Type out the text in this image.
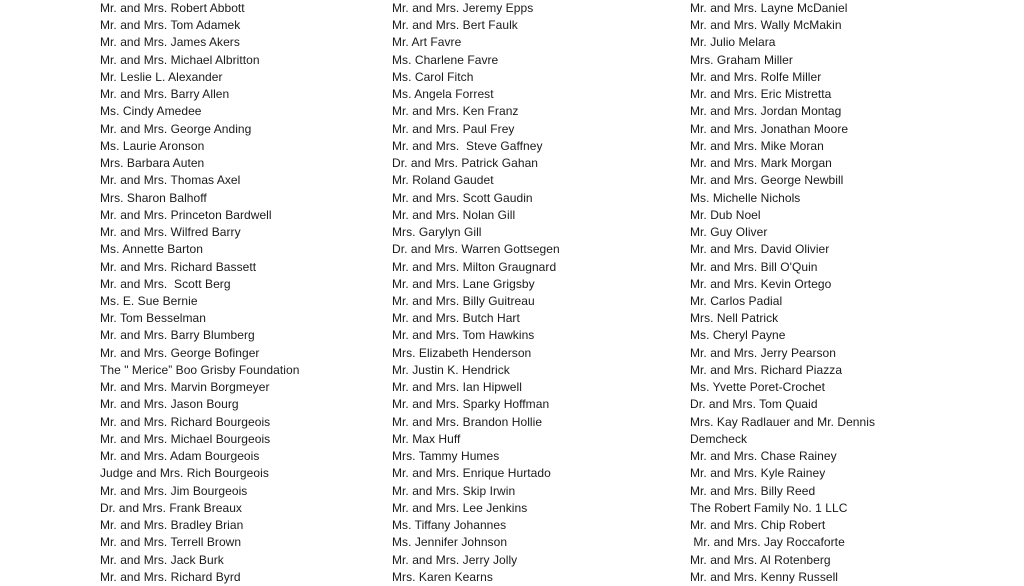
Mr. and Mrs. Robert Abbott
Mr. and Mrs. Tom Adamek
Mr. and Mrs. James Akers
Mr. and Mrs. Michael Albritton
Mr. Leslie L. Alexander
Mr. and Mrs. Barry Allen
Ms. Cindy Amedee
Mr. and Mrs. George Anding
Ms. Laurie Aronson
Mrs. Barbara Auten
Mr. and Mrs. Thomas Axel
Mrs. Sharon Balhoff
Mr. and Mrs. Princeton Bardwell
Mr. and Mrs. Wilfred Barry
Ms. Annette Barton
Mr. and Mrs. Richard Bassett
Mr. and Mrs.  Scott Berg
Ms. E. Sue Bernie
Mr. Tom Besselman
Mr. and Mrs. Barry Blumberg
Mr. and Mrs. George Bofinger
The " Merice” Boo Grisby Foundation
Mr. and Mrs. Marvin Borgmeyer
Mr. and Mrs. Jason Bourg
Mr. and Mrs. Richard Bourgeois
Mr. and Mrs. Michael Bourgeois
Mr. and Mrs. Adam Bourgeois
Judge and Mrs. Rich Bourgeois
Mr. and Mrs. Jim Bourgeois
Dr. and Mrs. Frank Breaux
Mr. and Mrs. Bradley Brian
Mr. and Mrs. Terrell Brown
Mr. and Mrs. Jack Burk
Mr. and Mrs. Richard Byrd
Mr. and Mrs. Jeremy Epps
Mr. and Mrs. Bert Faulk
Mr. Art Favre
Ms. Charlene Favre
Ms. Carol Fitch
Ms. Angela Forrest
Mr. and Mrs. Ken Franz
Mr. and Mrs. Paul Frey
Mr. and Mrs.  Steve Gaffney
Dr. and Mrs. Patrick Gahan
Mr. Roland Gaudet
Mr. and Mrs. Scott Gaudin
Mr. and Mrs. Nolan Gill
Mrs. Garylyn Gill
Dr. and Mrs. Warren Gottsegen
Mr. and Mrs. Milton Graugnard
Mr. and Mrs. Lane Grigsby
Mr. and Mrs. Billy Guitreau
Mr. and Mrs. Butch Hart
Mr. and Mrs. Tom Hawkins
Mrs. Elizabeth Henderson
Mr. Justin K. Hendrick
Mr. and Mrs. Ian Hipwell
Mr. and Mrs. Sparky Hoffman
Mr. and Mrs. Brandon Hollie
Mr. Max Huff
Mrs. Tammy Humes
Mr. and Mrs. Enrique Hurtado
Mr. and Mrs. Skip Irwin
Mr. and Mrs. Lee Jenkins
Ms. Tiffany Johannes
Ms. Jennifer Johnson
Mr. and Mrs. Jerry Jolly
Mrs. Karen Kearns
Mr. and Mrs. Layne McDaniel
Mr. and Mrs. Wally McMakin
Mr. Julio Melara
Mrs. Graham Miller
Mr. and Mrs. Rolfe Miller
Mr. and Mrs. Eric Mistretta
Mr. and Mrs. Jordan Montag
Mr. and Mrs. Jonathan Moore
Mr. and Mrs. Mike Moran
Mr. and Mrs. Mark Morgan
Mr. and Mrs. George Newbill
Ms. Michelle Nichols
Mr. Dub Noel
Mr. Guy Oliver
Mr. and Mrs. David Olivier
Mr. and Mrs. Bill O'Quin
Mr. and Mrs. Kevin Ortego
Mr. Carlos Padial
Mrs. Nell Patrick
Ms. Cheryl Payne
Mr. and Mrs. Jerry Pearson
Mr. and Mrs. Richard Piazza
Ms. Yvette Poret-Crochet
Dr. and Mrs. Tom Quaid
Mrs. Kay Radlauer and Mr. Dennis
Demcheck
Mr. and Mrs. Chase Rainey
Mr. and Mrs. Kyle Rainey
Mr. and Mrs. Billy Reed
The Robert Family No. 1 LLC
Mr. and Mrs. Chip Robert
Mr. and Mrs. Jay Roccaforte
Mr. and Mrs. Al Rotenberg
Mr. and Mrs. Kenny Russell
